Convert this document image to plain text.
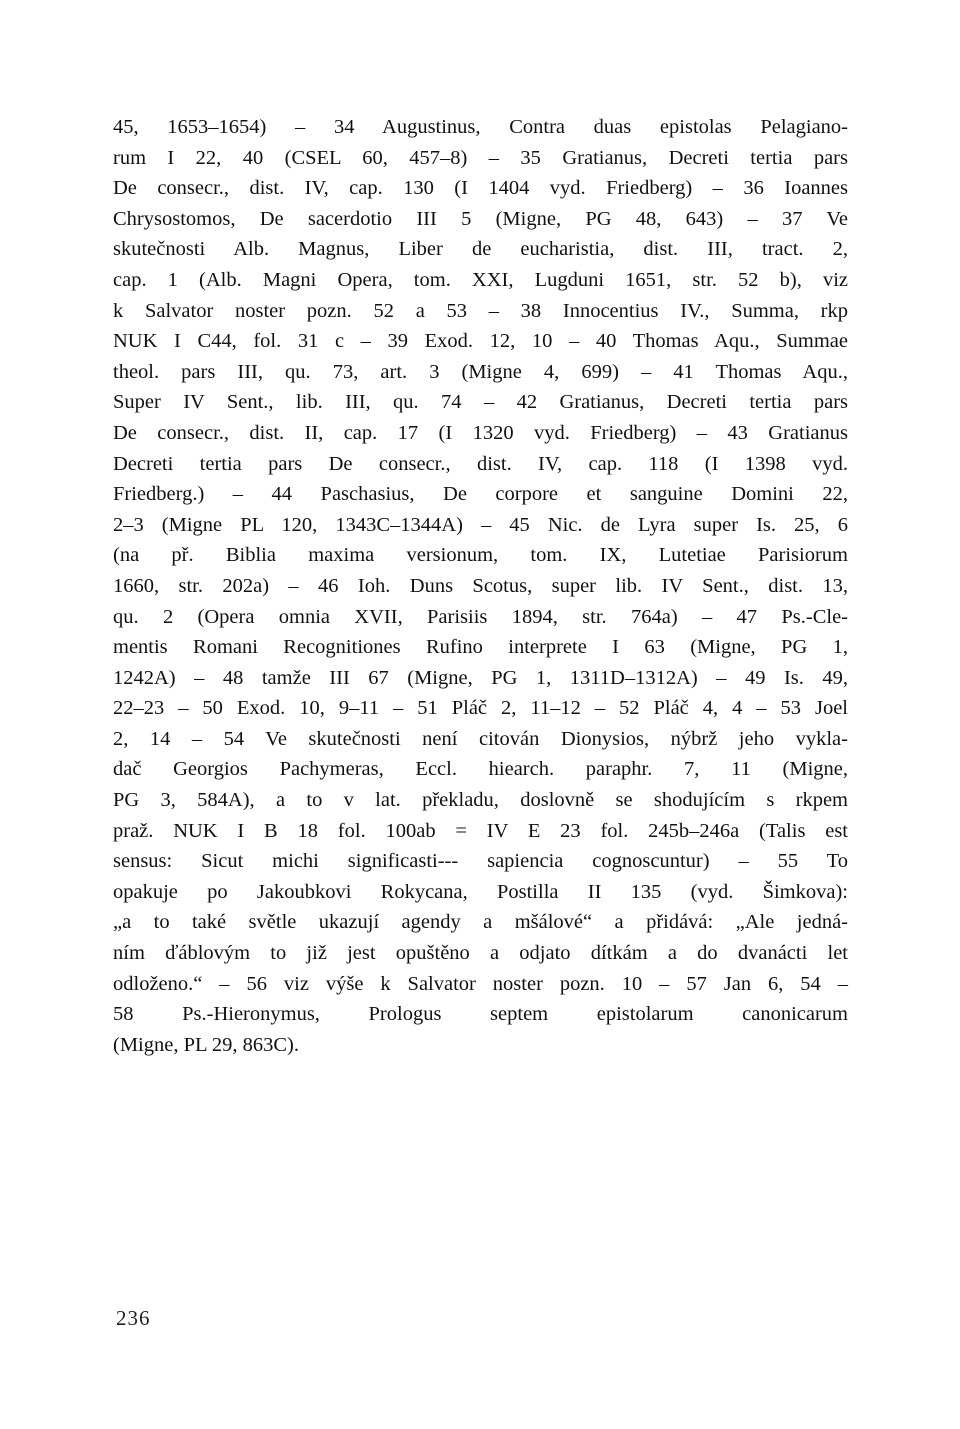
45, 1653–1654) – 34 Augustinus, Contra duas epistolas Pelagiano-
rum I 22, 40 (CSEL 60, 457–8) – 35 Gratianus, Decreti tertia pars
De consecr., dist. IV, cap. 130 (I 1404 vyd. Friedberg) – 36 Ioannes
Chrysostomos, De sacerdotio III 5 (Migne, PG 48, 643) – 37 Ve
skutečnosti Alb. Magnus, Liber de eucharistia, dist. III, tract. 2,
cap. 1 (Alb. Magni Opera, tom. XXI, Lugduni 1651, str. 52 b), viz
k Salvator noster pozn. 52 a 53 – 38 Innocentius IV., Summa, rkp
NUK I C44, fol. 31 c – 39 Exod. 12, 10 – 40 Thomas Aqu., Summae
theol. pars III, qu. 73, art. 3 (Migne 4, 699) – 41 Thomas Aqu.,
Super IV Sent., lib. III, qu. 74 – 42 Gratianus, Decreti tertia pars
De consecr., dist. II, cap. 17 (I 1320 vyd. Friedberg) – 43 Gratianus
Decreti tertia pars De consecr., dist. IV, cap. 118 (I 1398 vyd.
Friedberg.) – 44 Paschasius, De corpore et sanguine Domini 22,
2–3 (Migne PL 120, 1343C–1344A) – 45 Nic. de Lyra super Is. 25, 6
(na př. Biblia maxima versionum, tom. IX, Lutetiae Parisiorum
1660, str. 202a) – 46 Ioh. Duns Scotus, super lib. IV Sent., dist. 13,
qu. 2 (Opera omnia XVII, Parisiis 1894, str. 764a) – 47 Ps.-Cle-
mentis Romani Recognitiones Rufino interprete I 63 (Migne, PG 1,
1242A) – 48 tamže III 67 (Migne, PG 1, 1311D–1312A) – 49 Is. 49,
22–23 – 50 Exod. 10, 9–11 – 51 Pláč 2, 11–12 – 52 Pláč 4, 4 – 53 Joel
2, 14 – 54 Ve skutečnosti není citován Dionysios, nýbrž jeho vykla-
dač Georgios Pachymeras, Eccl. hiearch. paraphr. 7, 11 (Migne,
PG 3, 584A), a to v lat. překladu, doslovně se shodujícím s rkpem
praž. NUK I B 18 fol. 100ab = IV E 23 fol. 245b–246a (Talis est
sensus: Sicut michi significasti--- sapiencia cognoscuntur) – 55 To
opakuje po Jakoubkovi Rokycana, Postilla II 135 (vyd. Šimkova):
„a to také světle ukazují agendy a mšálové“ a přidává: „Ale jedná-
ním ďáblovým to již jest opuštěno a odjato dítkám a do dvanácti let
odloženo.“ – 56 viz výše k Salvator noster pozn. 10 – 57 Jan 6, 54 –
58 Ps.-Hieronymus, Prologus septem epistolarum canonicarum
(Migne, PL 29, 863C).
236
